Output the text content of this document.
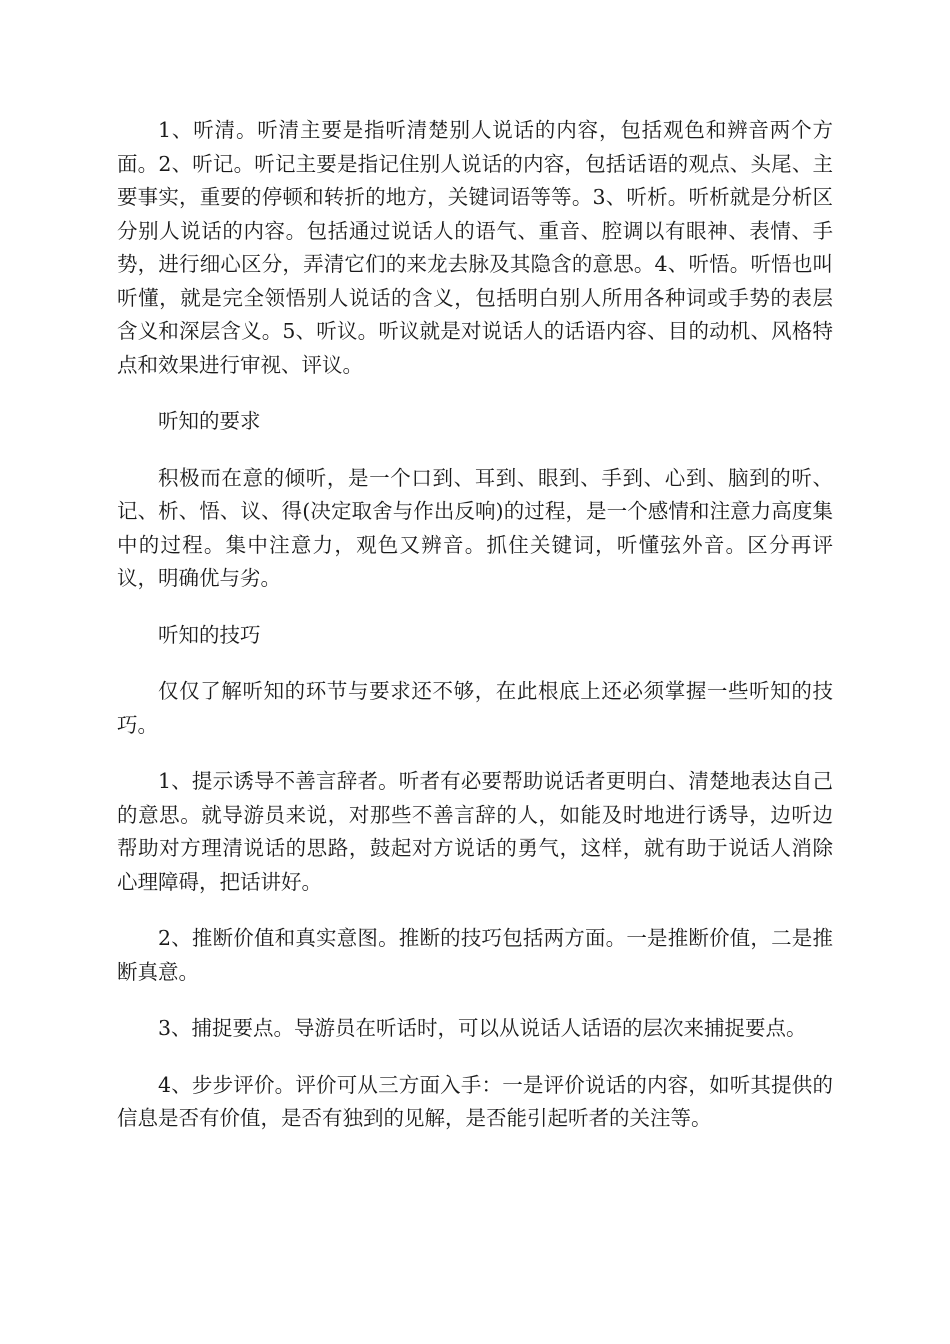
1、听清。听清主要是指听清楚别人说话的内容，包括观色和辨音两个方面。2、听记。听记主要是指记住别人说话的内容，包括话语的观点、头尾、主要事实，重要的停顿和转折的地方，关键词语等等。3、听析。听析就是分析区分别人说话的内容。包括通过说话人的语气、重音、腔调以有眼神、表情、手势，进行细心区分，弄清它们的来龙去脉及其隐含的意思。4、听悟。听悟也叫听懂，就是完全领悟别人说话的含义，包括明白别人所用各种词或手势的表层含义和深层含义。5、听议。听议就是对说话人的话语内容、目的动机、风格特点和效果进行审视、评议。

听知的要求

积极而在意的倾听，是一个口到、耳到、眼到、手到、心到、脑到的听、记、析、悟、议、得(决定取舍与作出反响)的过程，是一个感情和注意力高度集中的过程。集中注意力，观色又辨音。抓住关键词，听懂弦外音。区分再评议，明确优与劣。

听知的技巧

仅仅了解听知的环节与要求还不够，在此根底上还必须掌握一些听知的技巧。

1、提示诱导不善言辞者。听者有必要帮助说话者更明白、清楚地表达自己的意思。就导游员来说，对那些不善言辞的人，如能及时地进行诱导，边听边帮助对方理清说话的思路，鼓起对方说话的勇气，这样，就有助于说话人消除心理障碍，把话讲好。

2、推断价值和真实意图。推断的技巧包括两方面。一是推断价值，二是推断真意。

3、捕捉要点。导游员在听话时，可以从说话人话语的层次来捕捉要点。

4、步步评价。评价可从三方面入手：一是评价说话的内容，如听其提供的信息是否有价值，是否有独到的见解，是否能引起听者的关注等。
